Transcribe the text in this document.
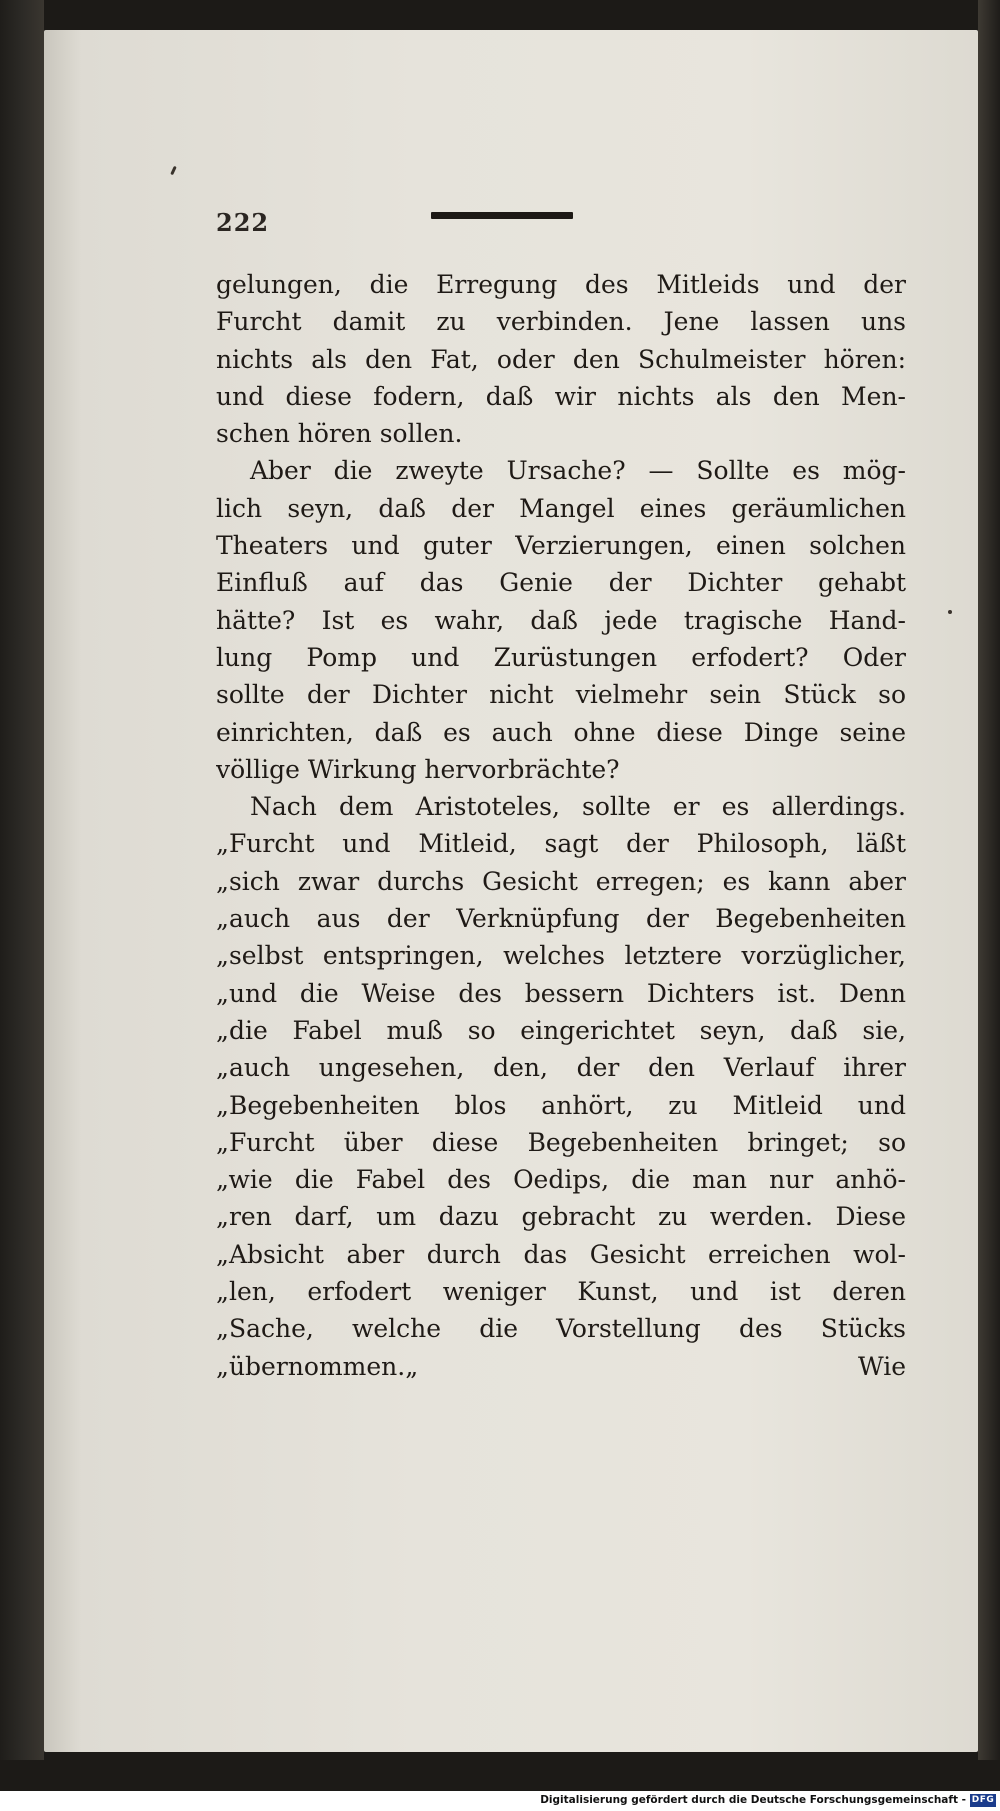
222
gelungen, die Erregung des Mitleids und der
Furcht damit zu verbinden. Jene lassen uns
nichts als den Fat, oder den Schulmeister hören:
und diese fodern, daß wir nichts als den Men-
schen hören sollen.
Aber die zweyte Ursache? — Sollte es mög-
lich seyn, daß der Mangel eines geräumlichen
Theaters und guter Verzierungen, einen solchen
Einfluß auf das Genie der Dichter gehabt
hätte? Ist es wahr, daß jede tragische Hand-
lung Pomp und Zurüstungen erfodert? Oder
sollte der Dichter nicht vielmehr sein Stück so
einrichten, daß es auch ohne diese Dinge seine
völlige Wirkung hervorbrächte?
Nach dem Aristoteles, sollte er es allerdings.
„Furcht und Mitleid, sagt der Philosoph, läßt
„sich zwar durchs Gesicht erregen; es kann aber
„auch aus der Verknüpfung der Begebenheiten
„selbst entspringen, welches letztere vorzüglicher,
„und die Weise des bessern Dichters ist. Denn
„die Fabel muß so eingerichtet seyn, daß sie,
„auch ungesehen, den, der den Verlauf ihrer
„Begebenheiten blos anhört, zu Mitleid und
„Furcht über diese Begebenheiten bringet; so
„wie die Fabel des Oedips, die man nur anhö-
„ren darf, um dazu gebracht zu werden. Diese
„Absicht aber durch das Gesicht erreichen wol-
„len, erfodert weniger Kunst, und ist deren
„Sache, welche die Vorstellung des Stücks
„übernommen.„	Wie
Digitalisierung gefördert durch die Deutsche Forschungsgemeinschaft - DFG
